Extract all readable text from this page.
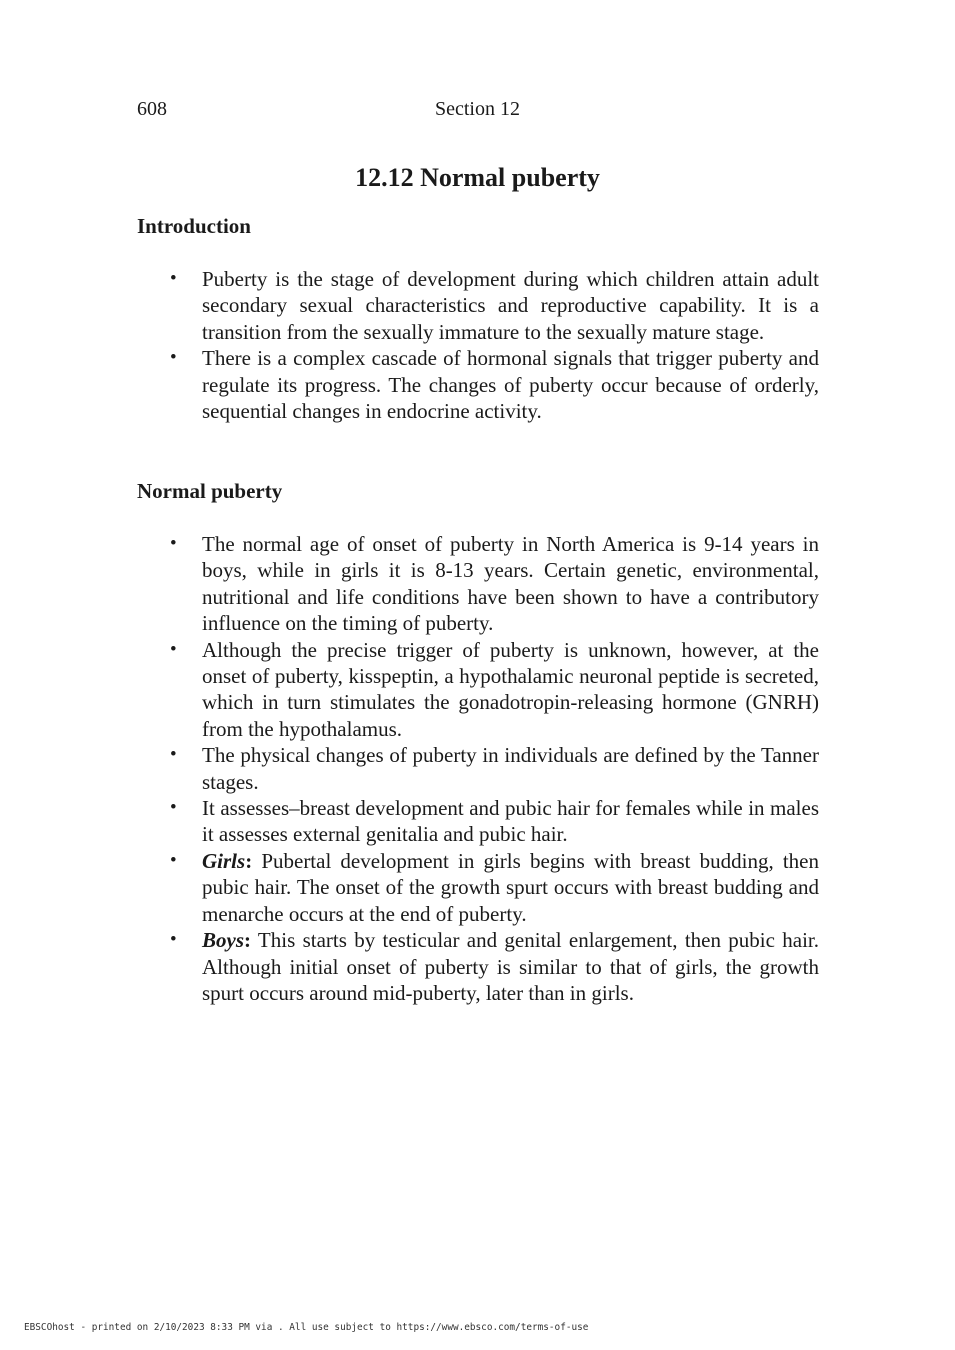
608	Section 12
12.12 Normal puberty
Introduction
• Puberty is the stage of development during which children attain adult secondary sexual characteristics and reproductive capability. It is a transition from the sexually immature to the sexually mature stage.
• There is a complex cascade of hormonal signals that trigger puberty and regulate its progress. The changes of puberty occur because of orderly, sequential changes in endocrine activity.
Normal puberty
• The normal age of onset of puberty in North America is 9-14 years in boys, while in girls it is 8-13 years. Certain genetic, environmental, nutritional and life conditions have been shown to have a contributory influence on the timing of puberty.
• Although the precise trigger of puberty is unknown, however, at the onset of puberty, kisspeptin, a hypothalamic neuronal peptide is secreted, which in turn stimulates the gonadotropin-releasing hormone (GNRH) from the hypothalamus.
• The physical changes of puberty in individuals are defined by the Tanner stages.
• It assesses–breast development and pubic hair for females while in males it assesses external genitalia and pubic hair.
• Girls: Pubertal development in girls begins with breast budding, then pubic hair. The onset of the growth spurt occurs with breast budding and menarche occurs at the end of puberty.
• Boys: This starts by testicular and genital enlargement, then pubic hair. Although initial onset of puberty is similar to that of girls, the growth spurt occurs around mid-puberty, later than in girls.
EBSCOhost - printed on 2/10/2023 8:33 PM via . All use subject to https://www.ebsco.com/terms-of-use
